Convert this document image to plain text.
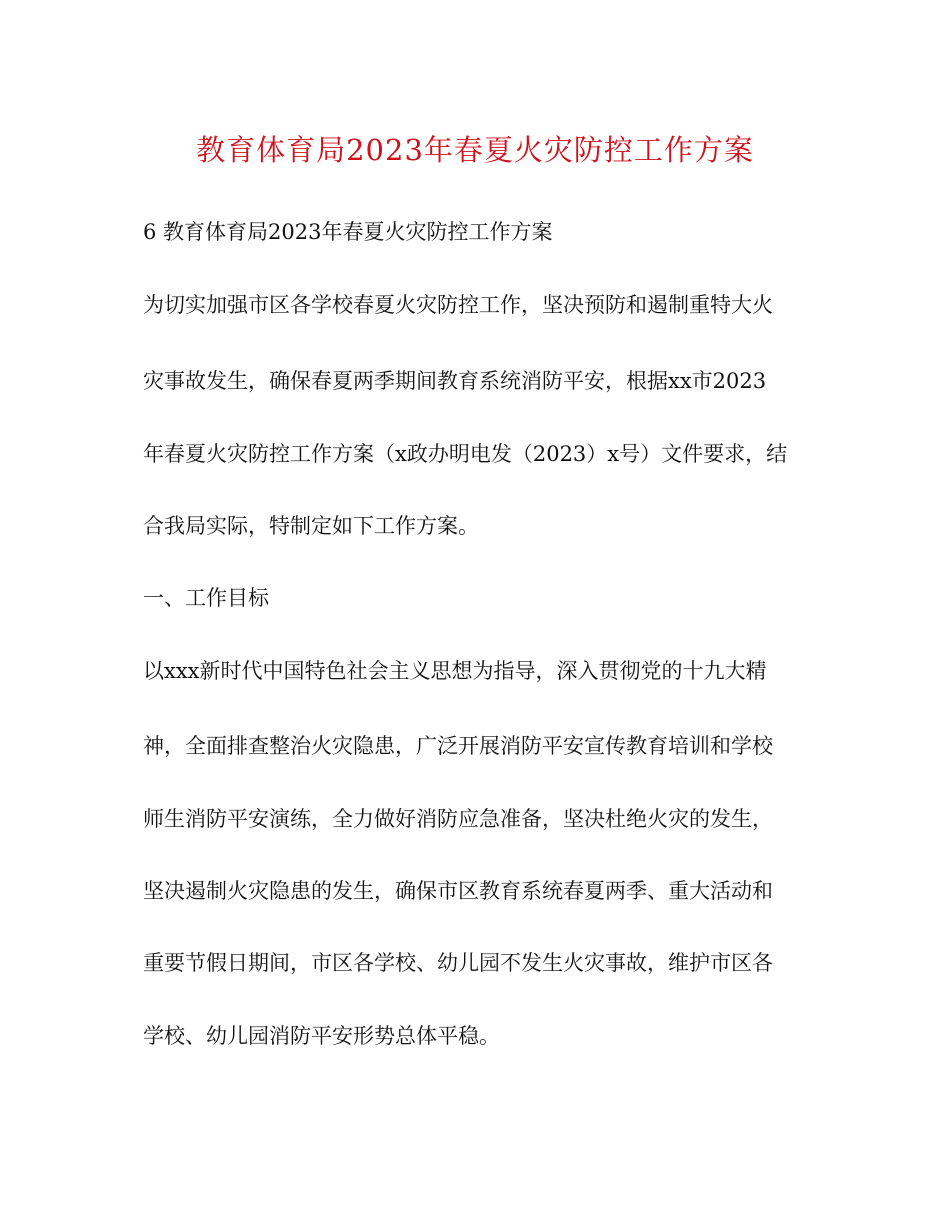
教育体育局2023年春夏火灾防控工作方案
6 教育体育局2023年春夏火灾防控工作方案
为切实加强市区各学校春夏火灾防控工作，坚决预防和遏制重特大火
灾事故发生，确保春夏两季期间教育系统消防平安，根据xx市2023
年春夏火灾防控工作方案（x政办明电发（2023）x号）文件要求，结
合我局实际，特制定如下工作方案。
一、工作目标
以xxx新时代中国特色社会主义思想为指导，深入贯彻党的十九大精
神，全面排查整治火灾隐患，广泛开展消防平安宣传教育培训和学校
师生消防平安演练，全力做好消防应急准备，坚决杜绝火灾的发生，
坚决遏制火灾隐患的发生，确保市区教育系统春夏两季、重大活动和
重要节假日期间，市区各学校、幼儿园不发生火灾事故，维护市区各
学校、幼儿园消防平安形势总体平稳。
